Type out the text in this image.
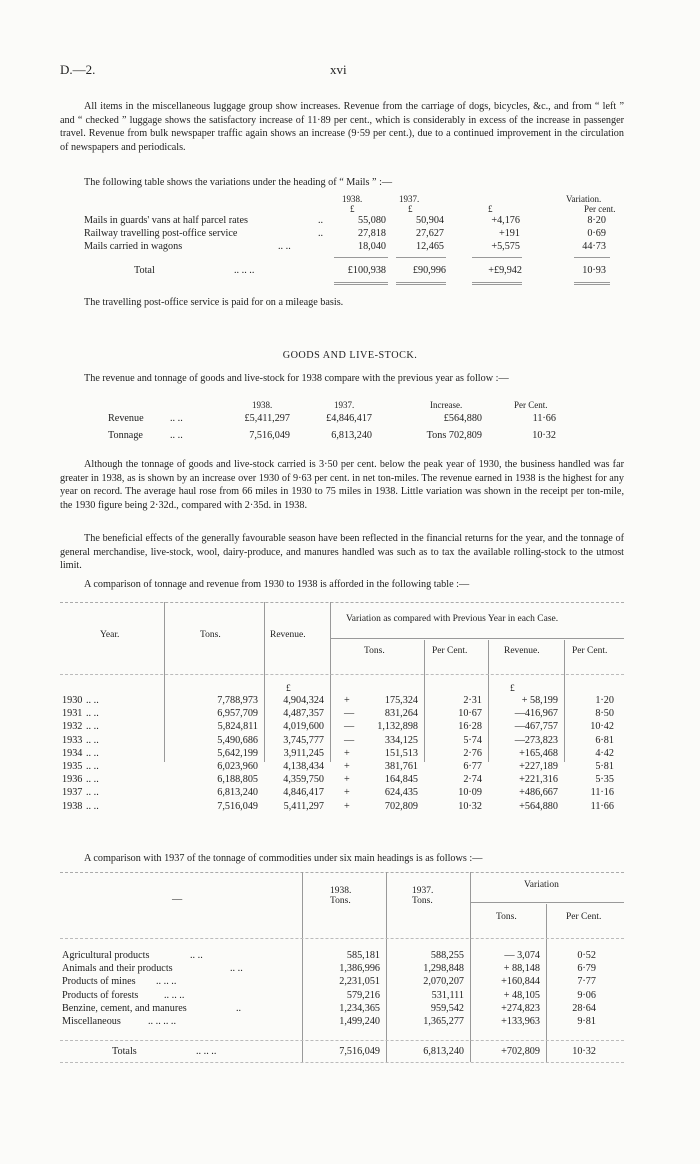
D.—2.	xvi

All items in the miscellaneous luggage group show increases. Revenue from the carriage of dogs, bicycles, &c., and from “ left ” and “ checked ” luggage shows the satisfactory increase of 11·89 per cent., which is considerably in excess of the increase in passenger travel. Revenue from bulk newspaper traffic again shows an increase (9·59 per cent.), due to a continued improvement in the circulation of newspapers and periodicals.

The following table shows the variations under the heading of “ Mails ” :—

1938.	1937.	Variation.
£	£	£	Per cent.
Mails in guards' vans at half parcel rates	..	55,080	50,904	+4,176	8·20
Railway travelling post-office service	..	27,818	27,627	+191	0·69
Mails carried in wagons	.. ..	18,040	12,465	+5,575	44·73
Total	.. .. ..	£100,938	£90,996	+£9,942	10·93

The travelling post-office service is paid for on a mileage basis.

GOODS AND LIVE-STOCK.

The revenue and tonnage of goods and live-stock for 1938 compare with the previous year as follow :—

1938.	1937.	Increase.	Per Cent.
Revenue	.. ..	£5,411,297	£4,846,417	£564,880	11·66
Tonnage	.. ..	7,516,049	6,813,240	Tons 702,809	10·32

Although the tonnage of goods and live-stock carried is 3·50 per cent. below the peak year of 1930, the business handled was far greater in 1938, as is shown by an increase over 1930 of 9·63 per cent. in net ton-miles. The revenue earned in 1938 is the highest for any year on record. The average haul rose from 66 miles in 1930 to 75 miles in 1938. Little variation was shown in the receipt per ton-mile, the 1930 figure being 2·32d., compared with 2·35d. in 1938.

The beneficial effects of the generally favourable season have been reflected in the financial returns for the year, and the tonnage of general merchandise, live-stock, wool, dairy-produce, and manures handled was such as to tax the available rolling-stock to the utmost limit.

A comparison of tonnage and revenue from 1930 to 1938 is afforded in the following table :—

Year.	Tons.	Revenue.
Variation as compared with Previous Year in each Case.
Tons.	Per Cent.	Revenue.	Per Cent.
£	£
1930 .. ..	7,788,973	4,904,324 +	175,324	2·31	+ 58,199	1·20
1931 .. ..	6,957,709	4,487,357 —	831,264	10·67	—416,967	8·50
1932 .. ..	5,824,811	4,019,600 —	1,132,898	16·28	—467,757	10·42
1933 .. ..	5,490,686	3,745,777 —	334,125	5·74	—273,823	6·81
1934 .. ..	5,642,199	3,911,245 +	151,513	2·76	+165,468	4·42
1935 .. ..	6,023,960	4,138,434 +	381,761	6·77	+227,189	5·81
1936 .. ..	6,188,805	4,359,750 +	164,845	2·74	+221,316	5·35
1937 .. ..	6,813,240	4,846,417 +	624,435	10·09	+486,667	11·16
1938 .. ..	7,516,049	5,411,297 +	702,809	10·32	+564,880	11·66

A comparison with 1937 of the tonnage of commodities under six main headings is as follows :—

—
1938.
Tons.
1937.
Tons.
Variation
Tons.	Per Cent.
Agricultural products	.. ..	585,181	588,255	— 3,074	0·52
Animals and their products	.. ..	1,386,996	1,298,848	+ 88,148	6·79
Products of mines .. .. ..	2,231,051	2,070,207	+160,844	7·77
Products of forests	.. .. ..	579,216	531,111	+ 48,105	9·06
Benzine, cement, and manures	..	1,234,365	959,542	+274,823	28·64
Miscellaneous	.. .. .. ..	1,499,240	1,365,277	+133,963	9·81
Totals	.. .. ..	7,516,049	6,813,240	+702,809	10·32
